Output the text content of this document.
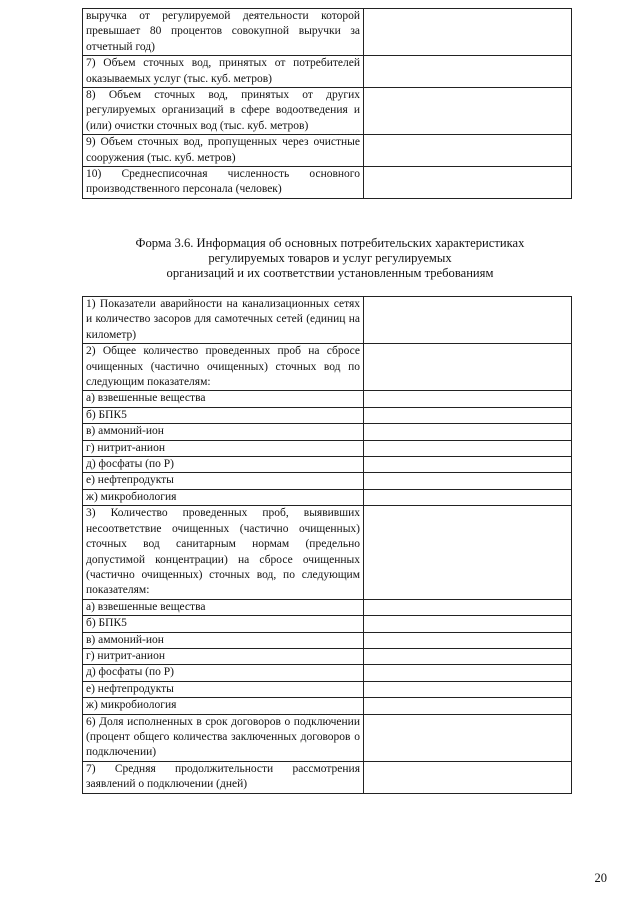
выручка от регулируемой деятельности которой превышает 80 процентов совокупной выручки за отчетный год)	
7) Объем сточных вод, принятых от потребителей оказываемых услуг (тыс. куб. метров)	
8) Объем сточных вод, принятых от других регулируемых организаций в сфере водоотведения и (или) очистки сточных вод (тыс. куб. метров)	
9) Объем сточных вод, пропущенных через очистные сооружения (тыс. куб. метров)	
10) Среднесписочная численность основного производственного персонала (человек)	
Форма 3.6. Информация об основных потребительских характеристиках
регулируемых товаров и услуг регулируемых
организаций и их соответствии установленным требованиям
1) Показатели аварийности на канализационных сетях и количество засоров для самотечных сетей (единиц на километр)	
2) Общее количество проведенных проб на сбросе очищенных (частично очищенных) сточных вод по следующим показателям:	
а) взвешенные вещества	
б) БПК5	
в) аммоний-ион	
г) нитрит-анион	
д) фосфаты (по Р)	
е) нефтепродукты	
ж) микробиология	
3) Количество проведенных проб, выявивших несоответствие очищенных (частично очищенных) сточных вод санитарным нормам (предельно допустимой концентрации) на сбросе очищенных (частично очищенных) сточных вод, по следующим показателям:	
а) взвешенные вещества	
б) БПК5	
в) аммоний-ион	
г) нитрит-анион	
д) фосфаты (по Р)	
е) нефтепродукты	
ж) микробиология	
6) Доля исполненных в срок договоров о подключении (процент общего количества заключенных договоров о подключении)	
7) Средняя продолжительности рассмотрения заявлений о подключении (дней)	
20
